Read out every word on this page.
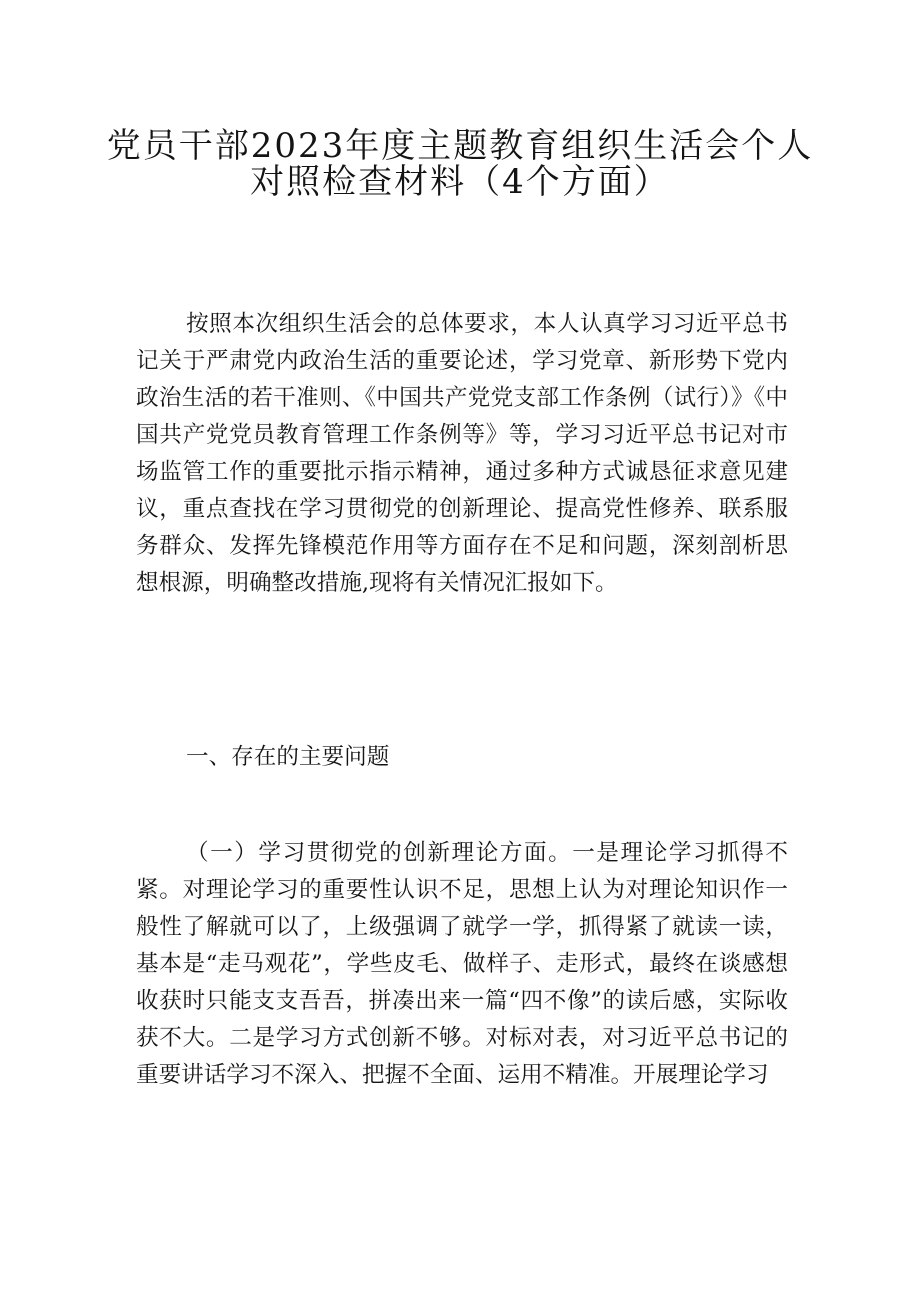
党员干部2023年度主题教育组织生活会个人
对照检查材料（4个方面）

按照本次组织生活会的总体要求，本人认真学习习近平总书记关于严肃党内政治生活的重要论述，学习党章、新形势下党内政治生活的若干准则、《中国共产党党支部工作条例（试行）》《中国共产党党员教育管理工作条例等》等，学习习近平总书记对市场监管工作的重要批示指示精神，通过多种方式诚恳征求意见建议，重点查找在学习贯彻党的创新理论、提高党性修养、联系服务群众、发挥先锋模范作用等方面存在不足和问题，深刻剖析思想根源，明确整改措施,现将有关情况汇报如下。

一、存在的主要问题

（一）学习贯彻党的创新理论方面。一是理论学习抓得不紧。对理论学习的重要性认识不足，思想上认为对理论知识作一般性了解就可以了，上级强调了就学一学，抓得紧了就读一读，基本是“走马观花”，学些皮毛、做样子、走形式，最终在谈感想收获时只能支支吾吾，拼凑出来一篇“四不像”的读后感，实际收获不大。二是学习方式创新不够。对标对表，对习近平总书记的重要讲话学习不深入、把握不全面、运用不精准。开展理论学习
